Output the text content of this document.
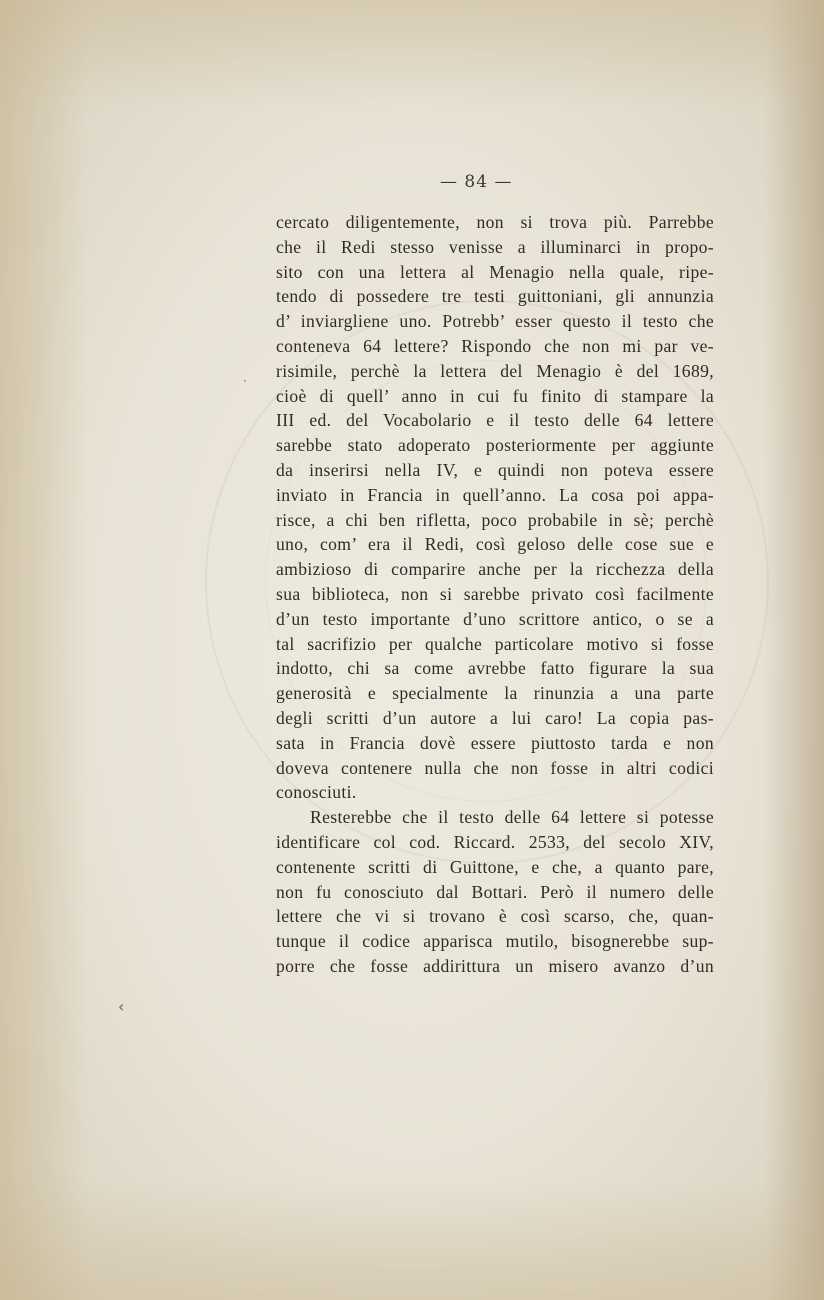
— 84 —
cercato diligentemente, non si trova più. Parrebbe
che il Redi stesso venisse a illuminarci in propo-
sito con una lettera al Menagio nella quale, ripe-
tendo di possedere tre testi guittoniani, gli annunzia
d’ inviargliene uno. Potrebb’ esser questo il testo che
conteneva 64 lettere? Rispondo che non mi par ve-
risimile, perchè la lettera del Menagio è del 1689,
cioè di quell’ anno in cui fu finito di stampare la
III ed. del Vocabolario e il testo delle 64 lettere
sarebbe stato adoperato posteriormente per aggiunte
da inserirsi nella IV, e quindi non poteva essere
inviato in Francia in quell’anno. La cosa poi appa-
risce, a chi ben rifletta, poco probabile in sè; perchè
uno, com’ era il Redi, così geloso delle cose sue e
ambizioso di comparire anche per la ricchezza della
sua biblioteca, non si sarebbe privato così facilmente
d’un testo importante d’uno scrittore antico, o se a
tal sacrifizio per qualche particolare motivo si fosse
indotto, chi sa come avrebbe fatto figurare la sua
generosità e specialmente la rinunzia a una parte
degli scritti d’un autore a lui caro! La copia pas-
sata in Francia dovè essere piuttosto tarda e non
doveva contenere nulla che non fosse in altri codici
conosciuti.
Resterebbe che il testo delle 64 lettere si potesse
identificare col cod. Riccard. 2533, del secolo XIV,
contenente scritti di Guittone, e che, a quanto pare,
non fu conosciuto dal Bottari. Però il numero delle
lettere che vi si trovano è così scarso, che, quan-
tunque il codice apparisca mutilo, bisognerebbe sup-
porre che fosse addirittura un misero avanzo d’un
·
‹
